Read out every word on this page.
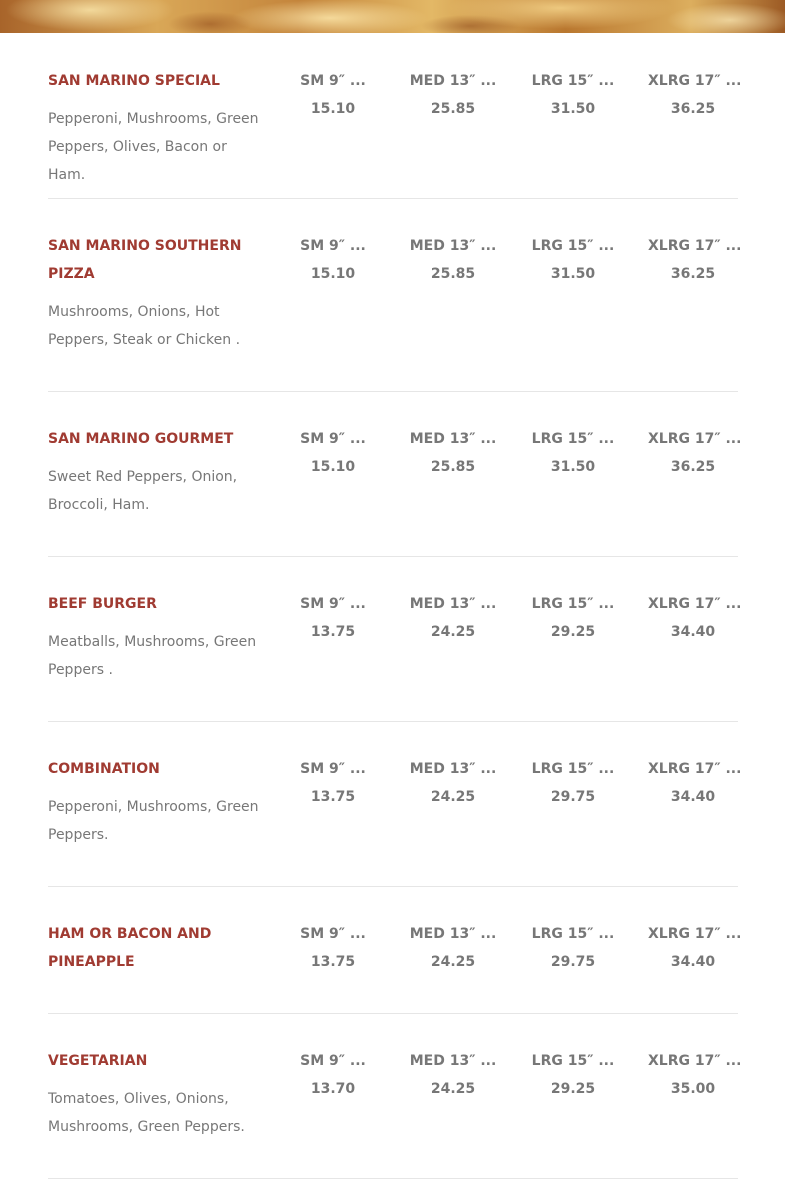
SAN MARINO SPECIAL
Pepperoni, Mushrooms, Green Peppers, Olives, Bacon or Ham.
SM 9″ ...
15.10
MED 13″ ...
25.85
LRG 15″ ...
31.50
XLRG 17″ ...
36.25
SAN MARINO SOUTHERN PIZZA
Mushrooms, Onions, Hot Peppers, Steak or Chicken .
SM 9″ ...
15.10
MED 13″ ...
25.85
LRG 15″ ...
31.50
XLRG 17″ ...
36.25
SAN MARINO GOURMET
Sweet Red Peppers, Onion, Broccoli, Ham.
SM 9″ ...
15.10
MED 13″ ...
25.85
LRG 15″ ...
31.50
XLRG 17″ ...
36.25
BEEF BURGER
Meatballs, Mushrooms, Green Peppers .
SM 9″ ...
13.75
MED 13″ ...
24.25
LRG 15″ ...
29.25
XLRG 17″ ...
34.40
COMBINATION
Pepperoni, Mushrooms, Green Peppers.
SM 9″ ...
13.75
MED 13″ ...
24.25
LRG 15″ ...
29.75
XLRG 17″ ...
34.40
HAM OR BACON AND PINEAPPLE
SM 9″ ...
13.75
MED 13″ ...
24.25
LRG 15″ ...
29.75
XLRG 17″ ...
34.40
VEGETARIAN
Tomatoes, Olives, Onions, Mushrooms, Green Peppers.
SM 9″ ...
13.70
MED 13″ ...
24.25
LRG 15″ ...
29.25
XLRG 17″ ...
35.00
